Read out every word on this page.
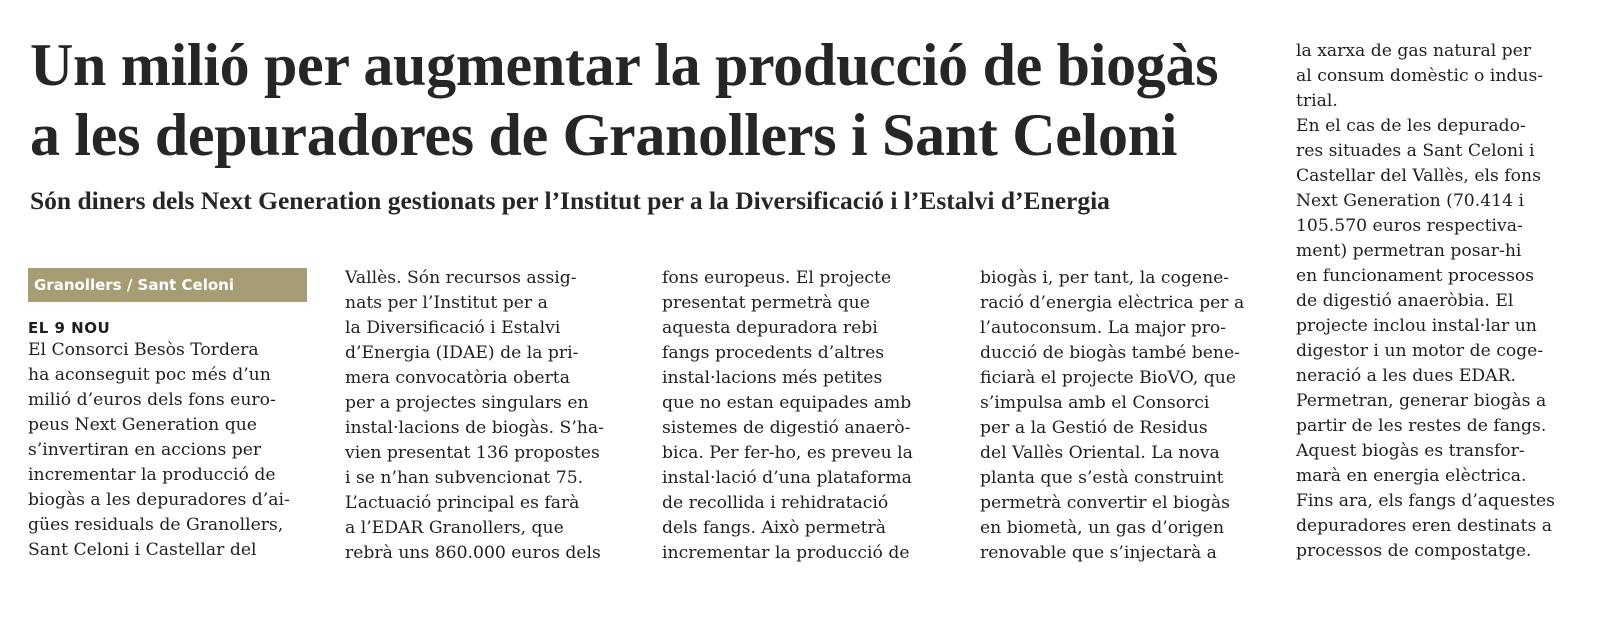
Un milió per augmentar la producció de biogàs
a les depuradores de Granollers i Sant Celoni
Són diners dels Next Generation gestionats per l’Institut per a la Diversificació i l’Estalvi d’Energia
Granollers / Sant Celoni

EL 9 NOU

El Consorci Besòs Tordera
ha aconseguit poc més d’un
milió d’euros dels fons euro-
peus Next Generation que
s’invertiran en accions per
incrementar la producció de
biogàs a les depuradores d’ai-
gües residuals de Granollers,
Sant Celoni i Castellar del

Vallès. Són recursos assig-
nats per l’Institut per a
la Diversificació i Estalvi
d’Energia (IDAE) de la pri-
mera convocatòria oberta
per a projectes singulars en
instal·lacions de biogàs. S’ha-
vien presentat 136 propostes
i se n’han subvencionat 75.
L’actuació principal es farà
a l’EDAR Granollers, que
rebrà uns 860.000 euros dels

fons europeus. El projecte
presentat permetrà que
aquesta depuradora rebi
fangs procedents d’altres
instal·lacions més petites
que no estan equipades amb
sistemes de digestió anaerò-
bica. Per fer-ho, es preveu la
instal·lació d’una plataforma
de recollida i rehidratació
dels fangs. Això permetrà
incrementar la producció de

biogàs i, per tant, la cogene-
ració d’energia elèctrica per a
l’autoconsum. La major pro-
ducció de biogàs també bene-
ficiarà el projecte BioVO, que
s’impulsa amb el Consorci
per a la Gestió de Residus
del Vallès Oriental. La nova
planta que s’està construint
permetrà convertir el biogàs
en biometà, un gas d’origen
renovable que s’injectarà a

la xarxa de gas natural per
al consum domèstic o indus-
trial.
En el cas de les depurado-
res situades a Sant Celoni i
Castellar del Vallès, els fons
Next Generation (70.414 i
105.570 euros respectiva-
ment) permetran posar-hi
en funcionament processos
de digestió anaeròbia. El
projecte inclou instal·lar un
digestor i un motor de coge-
neració a les dues EDAR.
Permetran, generar biogàs a
partir de les restes de fangs.
Aquest biogàs es transfor-
marà en energia elèctrica.
Fins ara, els fangs d’aquestes
depuradores eren destinats a
processos de compostatge.
